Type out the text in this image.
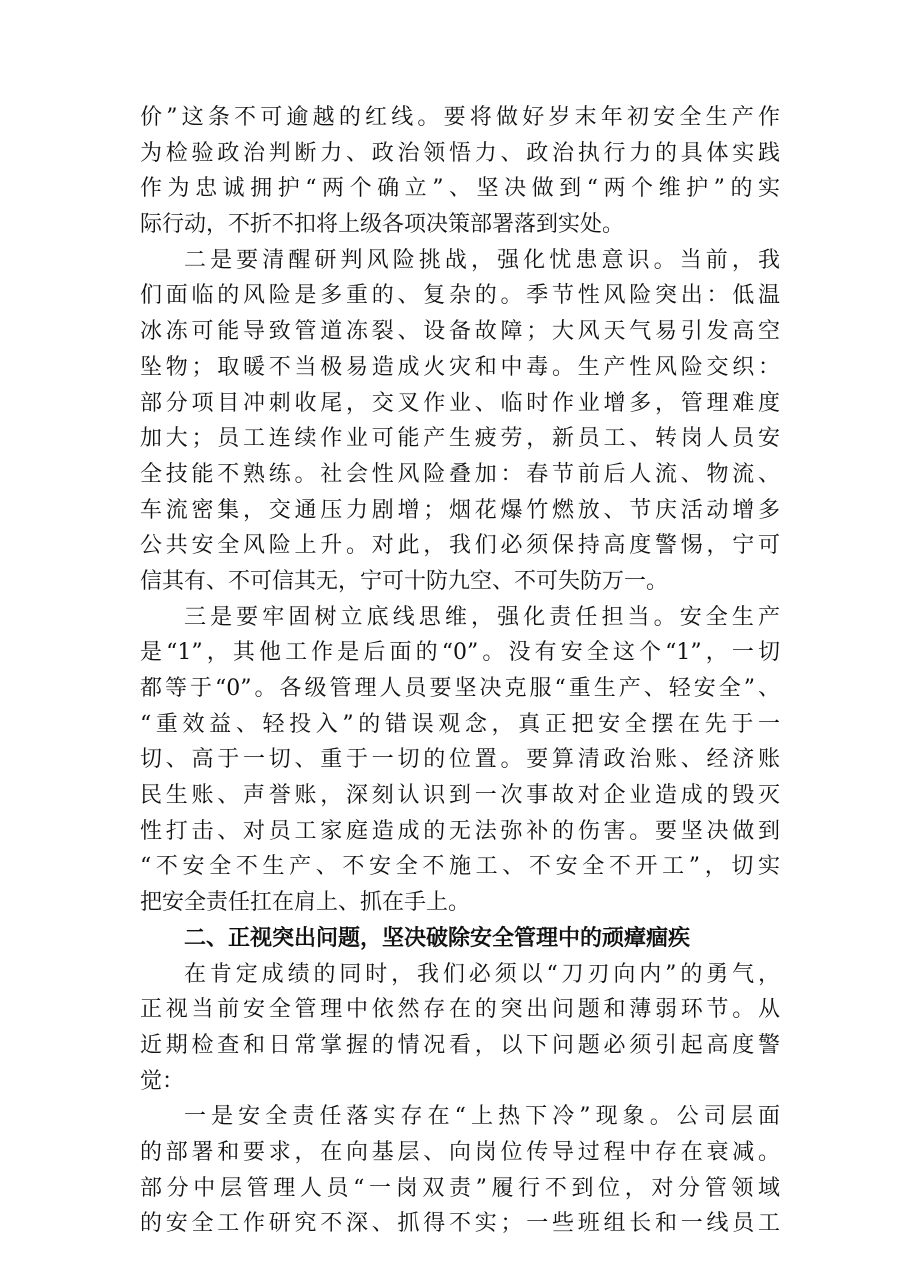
价”这条不可逾越的红线。要将做好岁末年初安全生产作
为检验政治判断力、政治领悟力、政治执行力的具体实践
作为忠诚拥护“两个确立”、坚决做到“两个维护”的实
际行动，不折不扣将上级各项决策部署落到实处。
二是要清醒研判风险挑战，强化忧患意识。当前，我
们面临的风险是多重的、复杂的。季节性风险突出：低温
冰冻可能导致管道冻裂、设备故障；大风天气易引发高空
坠物；取暖不当极易造成火灾和中毒。生产性风险交织：
部分项目冲刺收尾，交叉作业、临时作业增多，管理难度
加大；员工连续作业可能产生疲劳，新员工、转岗人员安
全技能不熟练。社会性风险叠加：春节前后人流、物流、
车流密集，交通压力剧增；烟花爆竹燃放、节庆活动增多
公共安全风险上升。对此，我们必须保持高度警惕，宁可
信其有、不可信其无，宁可十防九空、不可失防万一。
三是要牢固树立底线思维，强化责任担当。安全生产
是“1”，其他工作是后面的“0”。没有安全这个“1”，一切
都等于“0”。各级管理人员要坚决克服“重生产、轻安全”、
“重效益、轻投入”的错误观念，真正把安全摆在先于一
切、高于一切、重于一切的位置。要算清政治账、经济账
民生账、声誉账，深刻认识到一次事故对企业造成的毁灭
性打击、对员工家庭造成的无法弥补的伤害。要坚决做到
“不安全不生产、不安全不施工、不安全不开工”，切实
把安全责任扛在肩上、抓在手上。
二、正视突出问题，坚决破除安全管理中的顽瘴痼疾
在肯定成绩的同时，我们必须以“刀刃向内”的勇气，
正视当前安全管理中依然存在的突出问题和薄弱环节。从
近期检查和日常掌握的情况看，以下问题必须引起高度警
觉：
一是安全责任落实存在“上热下冷”现象。公司层面
的部署和要求，在向基层、向岗位传导过程中存在衰减。
部分中层管理人员“一岗双责”履行不到位，对分管领域
的安全工作研究不深、抓得不实；一些班组长和一线员工
